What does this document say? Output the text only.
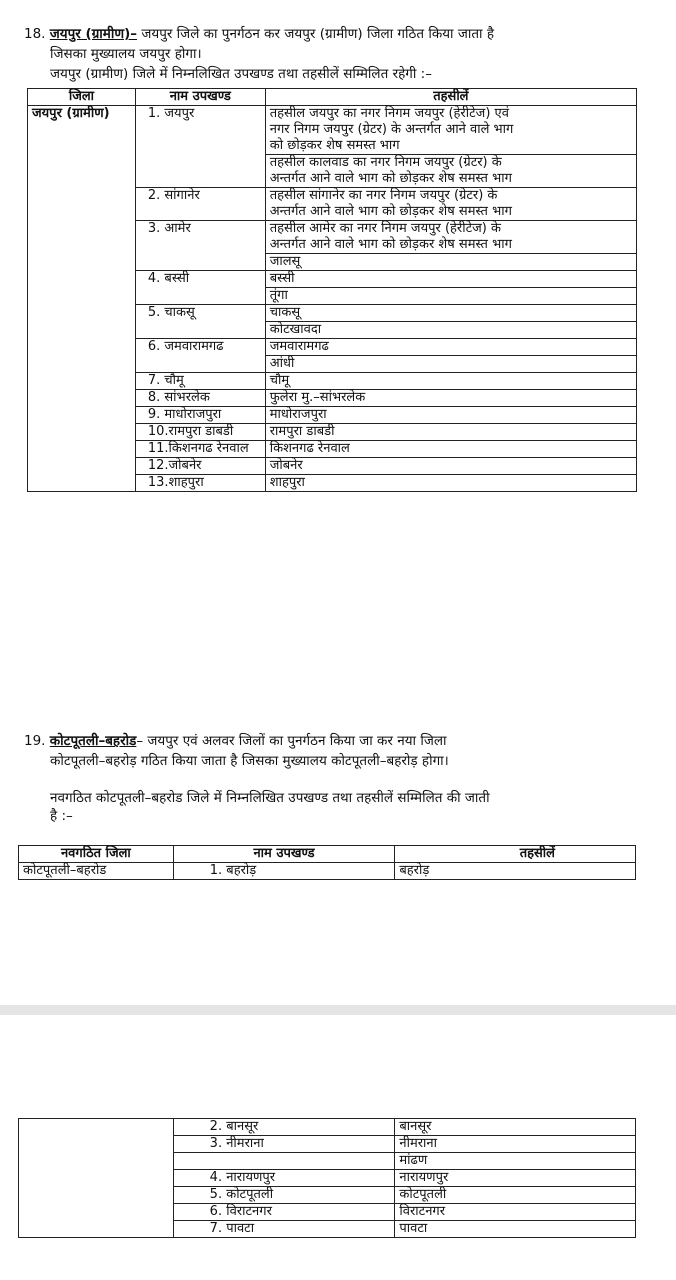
18. जयपुर (ग्रामीण)– जयपुर जिले का पुनर्गठन कर जयपुर (ग्रामीण) जिला गठित किया जाता है
जिसका मुख्यालय जयपुर होगा।
जयपुर (ग्रामीण) जिले में निम्नलिखित उपखण्ड तथा तहसीलें सम्मिलित रहेगी :–
जिला	नाम उपखण्ड	तहसीलें
जयपुर (ग्रामीण)	1. जयपुर	तहसील जयपुर का नगर निगम जयपुर (हेरीटेज) एवं
नगर निगम जयपुर (ग्रेटर) के अन्तर्गत आने वाले भाग
को छोड़कर शेष समस्त भाग

		तहसील कालवाड का नगर निगम जयपुर (ग्रेटर) के
अन्तर्गत आने वाले भाग को छोड़कर शेष समस्त भाग

	2. सांगानेर	तहसील सांगानेर का नगर निगम जयपुर (ग्रेटर) के
अन्तर्गत आने वाले भाग को छोड़कर शेष समस्त भाग

	3. आमेर	तहसील आमेर का नगर निगम जयपुर (हेरीटेज) के
अन्तर्गत आने वाले भाग को छोड़कर शेष समस्त भाग

		जालसू

	4. बस्सी	बस्सी

		तूंगा

	5. चाकसू	चाकसू

		कोटखावदा

	6. जमवारामगढ	जमवारामगढ

		आंधी

	7. चौमू	चौमू

	8. सांभरलेक	फुलेरा मु.–सांभरलेक

	9. माधोराजपुरा	माधोराजपुरा

	10.रामपुरा डाबडी	रामपुरा डाबडी

	11.किशनगढ रेनवाल	किशनगढ रेनवाल

	12.जोबनेर	जोबनेर

	13.शाहपुरा	शाहपुरा
19. कोटपूतली–बहरोड– जयपुर एवं अलवर जिलों का पुनर्गठन किया जा कर नया जिला
कोटपूतली–बहरोड़ गठित किया जाता है जिसका मुख्यालय कोटपूतली–बहरोड़ होगा।
नवगठित कोटपूतली–बहरोड जिले में निम्नलिखित उपखण्ड तथा तहसीलें सम्मिलित की जाती
है :–
नवगठित जिला	नाम उपखण्ड	तहसीलें
कोटपूतली–बहरोड	1. बहरोड़	बहरोड़
	2. बानसूर	बानसूर
	3. नीमराना	नीमराना
		मांढण
	4. नारायणपुर	नारायणपुर
	5. कोटपूतली	कोटपूतली
	6. विराटनगर	विराटनगर
	7. पावटा	पावटा
